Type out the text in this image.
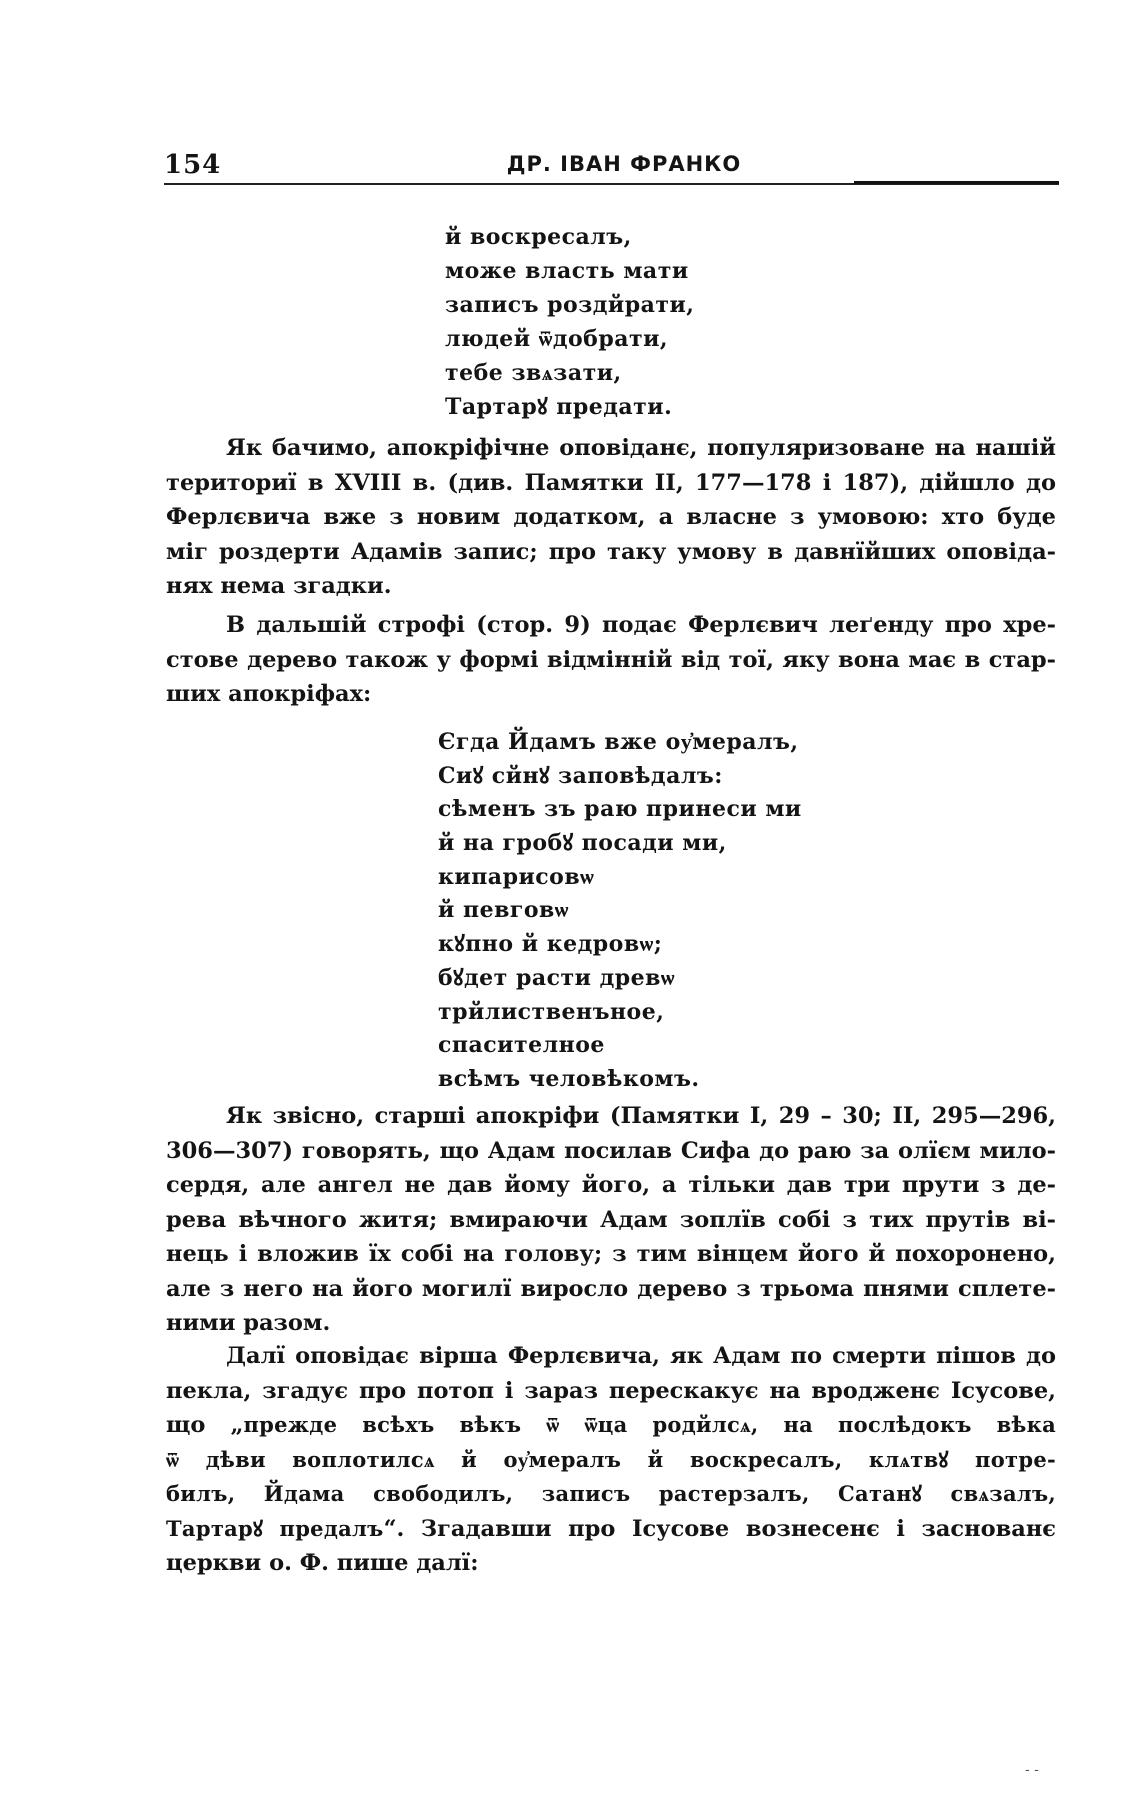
154	ДР. ІВАН ФРАНКО
й воскресалъ,
може власть мати
записъ роздйрати,
людей ѿдобрати,
тебе звѧзати,
Тартарꙋ предати.
Як бачимо, апокріфічне оповіданє, популяризоване на нашій
териториї в XVIII в. (див. Памятки II, 177—178 і 187), дійшло до
Ферлєвича вже з новим додатком, а власне з умовою: хто буде
міг роздерти Адамів запис; про таку умову в давнїйших оповіда-
нях нема згадки.
В дальшій строфі (стор. 9) подає Ферлєвич леґенду про хре-
стове дерево також у формі відмінній від тої, яку вона має в стар-
ших апокріфах:
Єгда Йдамъ вже оу҆мералъ,
Сиꙋ сйнꙋ заповѣдалъ:
сѣменъ зъ раю принеси ми
й на гробꙋ посади ми,
кипарисовѡ
й певговѡ
кꙋпно й кедровѡ;
бꙋдет расти древѡ
трйлиственъное,
спасителное
всѣмъ человѣкомъ.
Як звісно, старші апокріфи (Памятки I, 29 – 30; II, 295—296,
306—307) говорять, що Адам посилав Сифа до раю за олїєм мило-
сердя, але ангел не дав йому його, а тільки дав три прути з де-
рева вѣчного житя; вмираючи Адам зоплїв собі з тих прутів ві-
нець і вложив їх собі на голову; з тим вінцем його й похоронено,
але з него на його могилї виросло дерево з трьома пнями сплете-
ними разом.
Далї оповідає вірша Ферлєвича, як Адам по смерти пішов до
пекла, згадує про потоп і зараз перескакує на вродженє Ісусове,
що „прежде всѣхъ вѣкъ ѿ ѿца родйлсѧ, на послѣдокъ вѣка
ѿ дѣви воплотилсѧ й оу҆мералъ й воскресалъ, клѧтвꙋ потре-
билъ, Йдама свободилъ, записъ растерзалъ, Сатанꙋ свѧзалъ,
Тартарꙋ предалъ“. Згадавши про Ісусове вознесенє і заснованє
церкви о. Ф. пише далї:
- -
